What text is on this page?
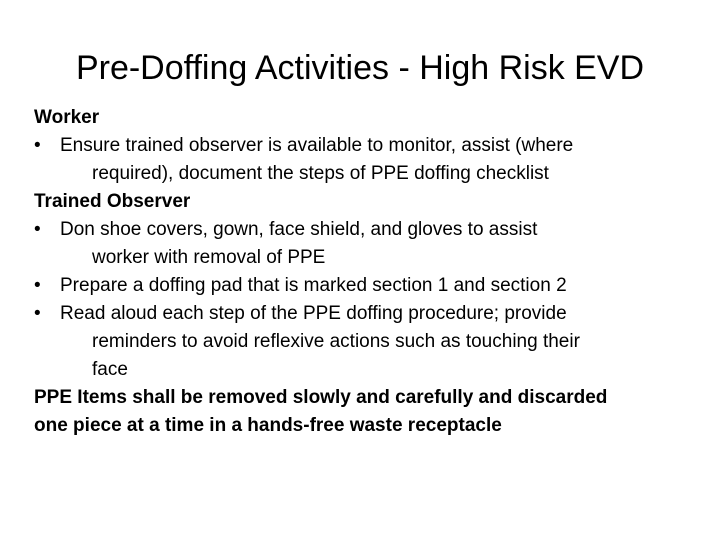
Pre-Doffing Activities - High Risk EVD
Worker
•	Ensure trained observer is available to monitor, assist (where
required), document the steps of PPE doffing checklist
Trained Observer
•	Don shoe covers, gown, face shield, and gloves to assist
worker with removal of PPE
•	Prepare a doffing pad that is marked section 1 and section 2
•	Read aloud each step of the PPE doffing procedure; provide
reminders to avoid reflexive actions such as touching their
face
PPE Items shall be removed slowly and carefully and discarded
one piece at a time in a hands-free waste receptacle
